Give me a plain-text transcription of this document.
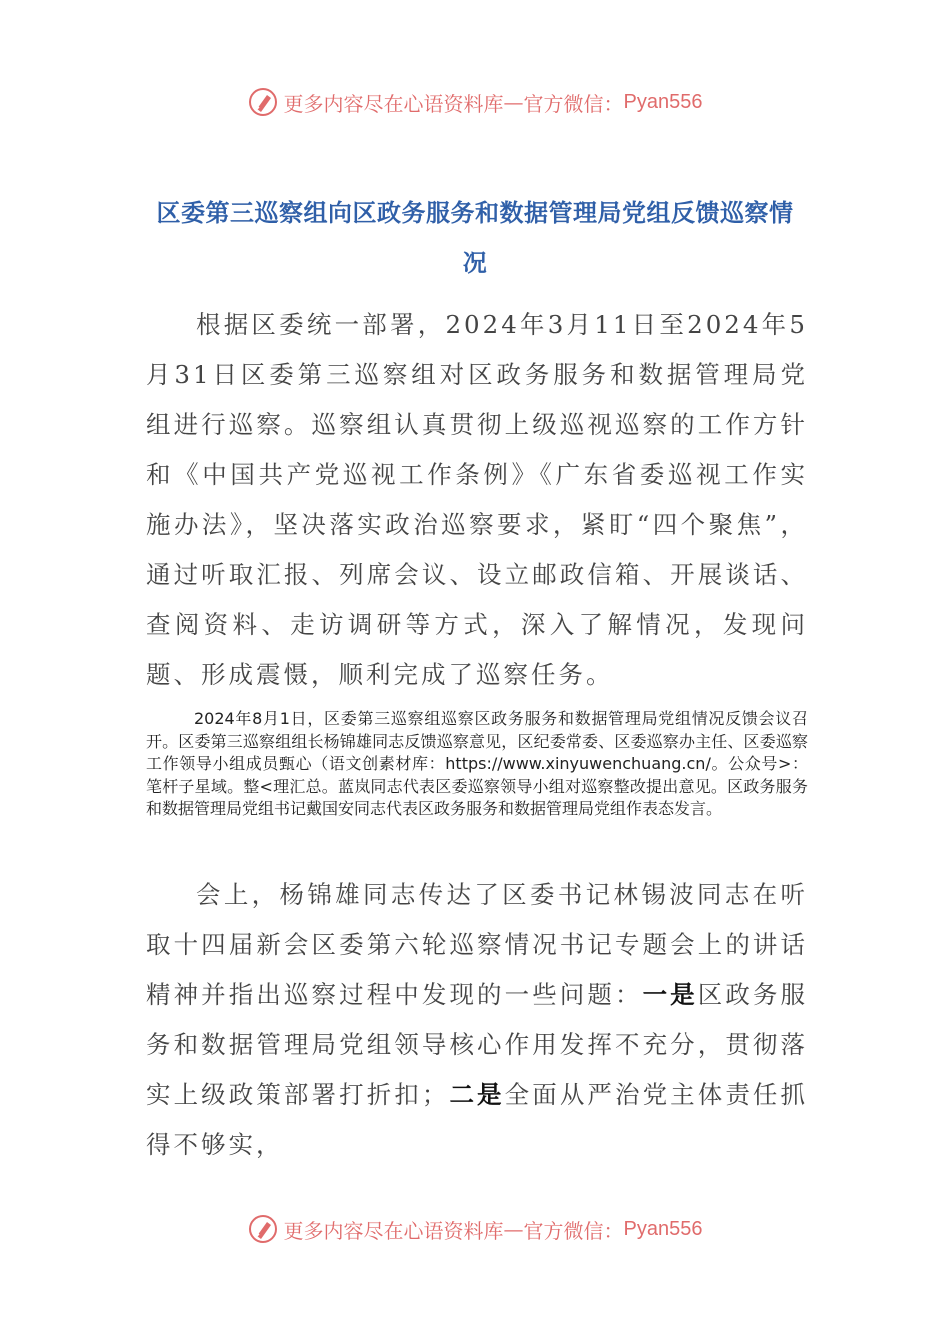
更多内容尽在心语资料库 — 官方微信： Pyan556
区委第三巡察组向区政务服务和数据管理局党组反馈巡察情况

根据区委统一部署，2024年3月11日至2024年5月31日区委第三巡察组对区政务服务和数据管理局党组进行巡察。巡察组认真贯彻上级巡视巡察的工作方针和《中国共产党巡视工作条例》《广东省委巡视工作实施办法》，坚决落实政治巡察要求，紧盯“四个聚焦”，通过听取汇报、列席会议、设立邮政信箱、开展谈话、查阅资料、走访调研等方式，深入了解情况，发现问题、形成震慑，顺利完成了巡察任务。

2024年8月1日，区委第三巡察组巡察区政务服务和数据管理局党组情况反馈会议召开。区委第三巡察组组长杨锦雄同志反馈巡察意见，区纪委常委、区委巡察办主任、区委巡察工作领导小组成员甄心（语文创素材库：https://www.xinyuwenchuang.cn/。公众号>：笔杆子星域。整<理汇总。蓝岚同志代表区委巡察领导小组对巡察整改提出意见。区政务服务和数据管理局党组书记戴国安同志代表区政务服务和数据管理局党组作表态发言。

会上，杨锦雄同志传达了区委书记林锡波同志在听取十四届新会区委第六轮巡察情况书记专题会上的讲话精神并指出巡察过程中发现的一些问题：一是区政务服务和数据管理局党组领导核心作用发挥不充分，贯彻落实上级政策部署打折扣；二是全面从严治党主体责任抓得不够实，

更多内容尽在心语资料库 — 官方微信： Pyan556
